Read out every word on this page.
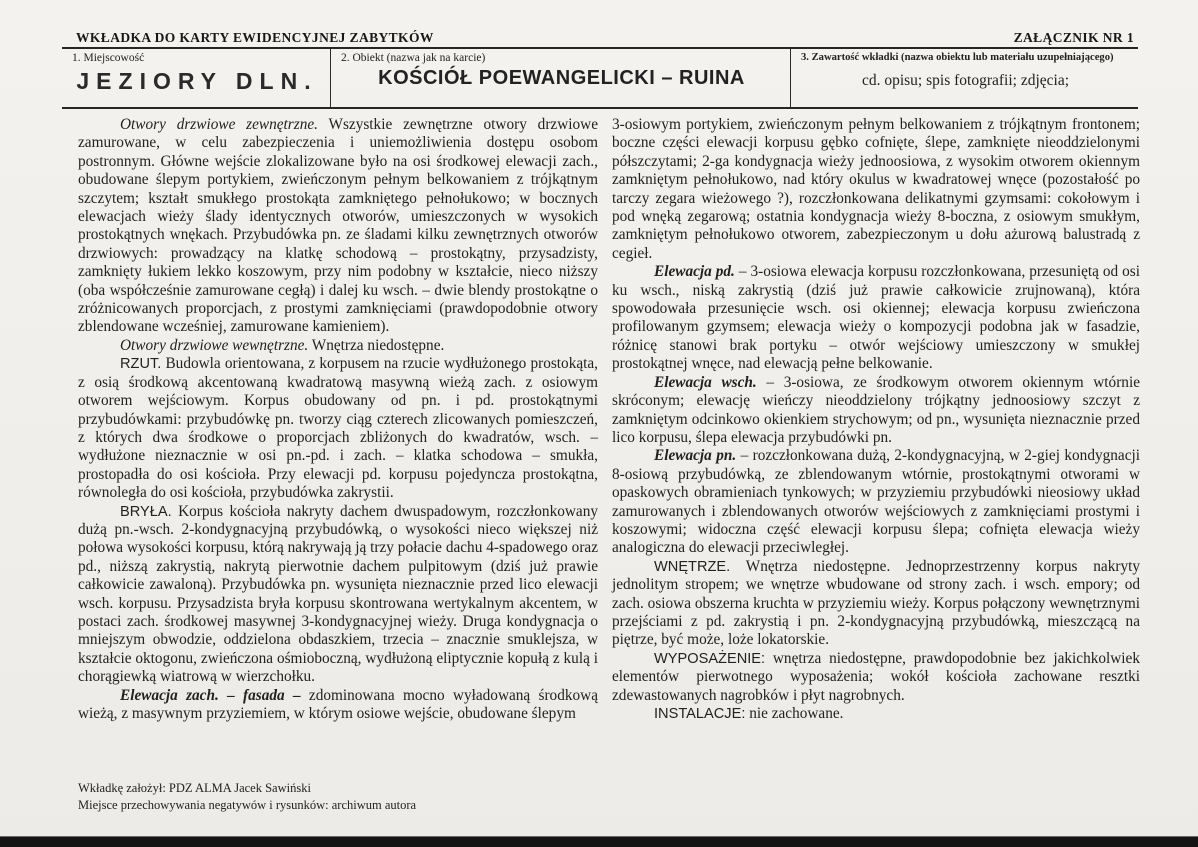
WKŁADKA DO KARTY EWIDENCYJNEJ ZABYTKÓW	ZAŁĄCZNIK NR 1
1. Miejscowość
JEZIORY DLN.
2. Obiekt (nazwa jak na karcie)
KOŚCIÓŁ POEWANGELICKI – RUINA
3. Zawartość wkładki (nazwa obiektu lub materiału uzupełniającego)
cd. opisu; spis fotografii; zdjęcia;

Otwory drzwiowe zewnętrzne. Wszystkie zewnętrzne otwory drzwiowe zamurowane, w celu zabezpieczenia i uniemożliwienia dostępu osobom postronnym. Główne wejście zlokalizowane było na osi środkowej elewacji zach., obudowane ślepym portykiem, zwieńczonym pełnym belkowaniem z trójkątnym szczytem; kształt smukłego prostokąta zamkniętego pełnołukowo; w bocznych elewacjach wieży ślady identycznych otworów, umieszczonych w wysokich prostokątnych wnękach. Przybudówka pn. ze śladami kilku zewnętrznych otworów drzwiowych: prowadzący na klatkę schodową – prostokątny, przysadzisty, zamknięty łukiem lekko koszowym, przy nim podobny w kształcie, nieco niższy (oba współcześnie zamurowane cegłą) i dalej ku wsch. – dwie blendy prostokątne o zróżnicowanych proporcjach, z prostymi zamknięciami (prawdopodobnie otwory zblendowane wcześniej, zamurowane kamieniem).

Otwory drzwiowe wewnętrzne. Wnętrza niedostępne.

RZUT. Budowla orientowana, z korpusem na rzucie wydłużonego prostokąta, z osią środkową akcentowaną kwadratową masywną wieżą zach. z osiowym otworem wejściowym. Korpus obudowany od pn. i pd. prostokątnymi przybudówkami: przybudówkę pn. tworzy ciąg czterech zlicowanych pomieszczeń, z których dwa środkowe o proporcjach zbliżonych do kwadratów, wsch. – wydłużone nieznacznie w osi pn.-pd. i zach. – klatka schodowa – smukła, prostopadła do osi kościoła. Przy elewacji pd. korpusu pojedyncza prostokątna, równoległa do osi kościoła, przybudówka zakrystii.

BRYŁA. Korpus kościoła nakryty dachem dwuspadowym, rozczłonkowany dużą pn.-wsch. 2-kondygnacyjną przybudówką, o wysokości nieco większej niż połowa wysokości korpusu, którą nakrywają ją trzy połacie dachu 4-spadowego oraz pd., niższą zakrystią, nakrytą pierwotnie dachem pulpitowym (dziś już prawie całkowicie zawaloną). Przybudówka pn. wysunięta nieznacznie przed lico elewacji wsch. korpusu. Przysadzista bryła korpusu skontrowana wertykalnym akcentem, w postaci zach. środkowej masywnej 3-kondygnacyjnej wieży. Druga kondygnacja o mniejszym obwodzie, oddzielona obdaszkiem, trzecia – znacznie smuklejsza, w kształcie oktogonu, zwieńczona ośmioboczną, wydłużoną eliptycznie kopułą z kulą i chorągiewką wiatrową w wierzchołku.

Elewacja zach. – fasada – zdominowana mocno wyładowaną środkową wieżą, z masywnym przyziemiem, w którym osiowe wejście, obudowane ślepym

3-osiowym portykiem, zwieńczonym pełnym belkowaniem z trójkątnym frontonem; boczne części elewacji korpusu gębko cofnięte, ślepe, zamknięte nieoddzielonymi półszczytami; 2-ga kondygnacja wieży jednoosiowa, z wysokim otworem okiennym zamkniętym pełnołukowo, nad który okulus w kwadratowej wnęce (pozostałość po tarczy zegara wieżowego ?), rozczłonkowana delikatnymi gzymsami: cokołowym i pod wnęką zegarową; ostatnia kondygnacja wieży 8-boczna, z osiowym smukłym, zamkniętym pełnołukowo otworem, zabezpieczonym u dołu ażurową balustradą z cegieł.

Elewacja pd. – 3-osiowa elewacja korpusu rozczłonkowana, przesuniętą od osi ku wsch., niską zakrystią (dziś już prawie całkowicie zrujnowaną), która spowodowała przesunięcie wsch. osi okiennej; elewacja korpusu zwieńczona profilowanym gzymsem; elewacja wieży o kompozycji podobna jak w fasadzie, różnicę stanowi brak portyku – otwór wejściowy umieszczony w smukłej prostokątnej wnęce, nad elewacją pełne belkowanie.

Elewacja wsch. – 3-osiowa, ze środkowym otworem okiennym wtórnie skróconym; elewację wieńczy nieoddzielony trójkątny jednoosiowy szczyt z zamkniętym odcinkowo okienkiem strychowym; od pn., wysunięta nieznacznie przed lico korpusu, ślepa elewacja przybudówki pn.

Elewacja pn. – rozczłonkowana dużą, 2-kondygnacyjną, w 2-giej kondygnacji 8-osiową przybudówką, ze zblendowanym wtórnie, prostokątnymi otworami w opaskowych obramieniach tynkowych; w przyziemiu przybudówki nieosiowy układ zamurowanych i zblendowanych otworów wejściowych z zamknięciami prostymi i koszowymi; widoczna część elewacji korpusu ślepa; cofnięta elewacja wieży analogiczna do elewacji przeciwległej.

WNĘTRZE. Wnętrza niedostępne. Jednoprzestrzenny korpus nakryty jednolitym stropem; we wnętrze wbudowane od strony zach. i wsch. empory; od zach. osiowa obszerna kruchta w przyziemiu wieży. Korpus połączony wewnętrznymi przejściami z pd. zakrystią i pn. 2-kondygnacyjną przybudówką, mieszczącą na piętrze, być może, loże lokatorskie.

WYPOSAŻENIE: wnętrza niedostępne, prawdopodobnie bez jakichkolwiek elementów pierwotnego wyposażenia; wokół kościoła zachowane resztki zdewastowanych nagrobków i płyt nagrobnych.

INSTALACJE: nie zachowane.

Wkładkę założył: PDZ ALMA Jacek Sawiński
Miejsce przechowywania negatywów i rysunków: archiwum autora
